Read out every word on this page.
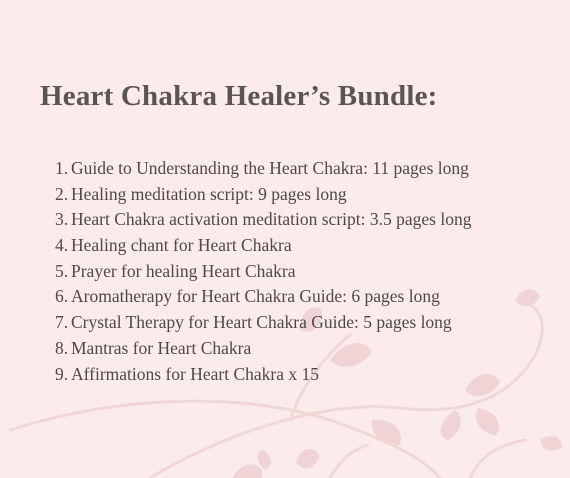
Heart Chakra Healer’s Bundle:
1. Guide to Understanding the Heart Chakra: 11 pages long
2. Healing meditation script: 9 pages long
3. Heart Chakra activation meditation script: 3.5 pages long
4. Healing chant for Heart Chakra
5. Prayer for healing Heart Chakra
6. Aromatherapy for Heart Chakra Guide: 6 pages long
7. Crystal Therapy for Heart Chakra Guide: 5 pages long
8. Mantras for Heart Chakra
9. Affirmations for Heart Chakra x 15
